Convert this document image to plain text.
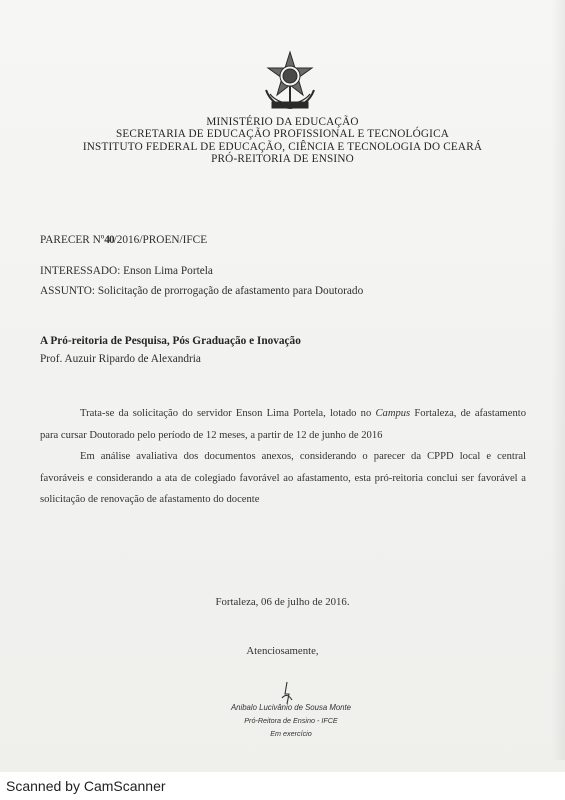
MINISTÉRIO DA EDUCAÇÃO
SECRETARIA DE EDUCAÇÃO PROFISSIONAL E TECNOLÓGICA
INSTITUTO FEDERAL DE EDUCAÇÃO, CIÊNCIA E TECNOLOGIA DO CEARÁ
PRÓ-REITORIA DE ENSINO
PARECER Nº40/2016/PROEN/IFCE
INTERESSADO: Enson Lima Portela
ASSUNTO: Solicitação de prorrogação de afastamento para Doutorado
A Pró-reitoria de Pesquisa, Pós Graduação e Inovação
Prof. Auzuir Ripardo de Alexandria

Trata-se da solicitação do servidor Enson Lima Portela, lotado no Campus Fortaleza, de afastamento para cursar Doutorado pelo período de 12 meses, a partir de 12 de junho de 2016

Em análise avaliativa dos documentos anexos, considerando o parecer da CPPD local e central favoráveis e considerando a ata de colegiado favorável ao afastamento, esta pró-reitoria conclui ser favorável a solicitação de renovação de afastamento do docente

Fortaleza, 06 de julho de 2016.
Atenciosamente,
Anibalo Lucivânio de Sousa Monte
Pró-Reitora de Ensino - IFCE
Em exercício
Scanned by CamScanner
